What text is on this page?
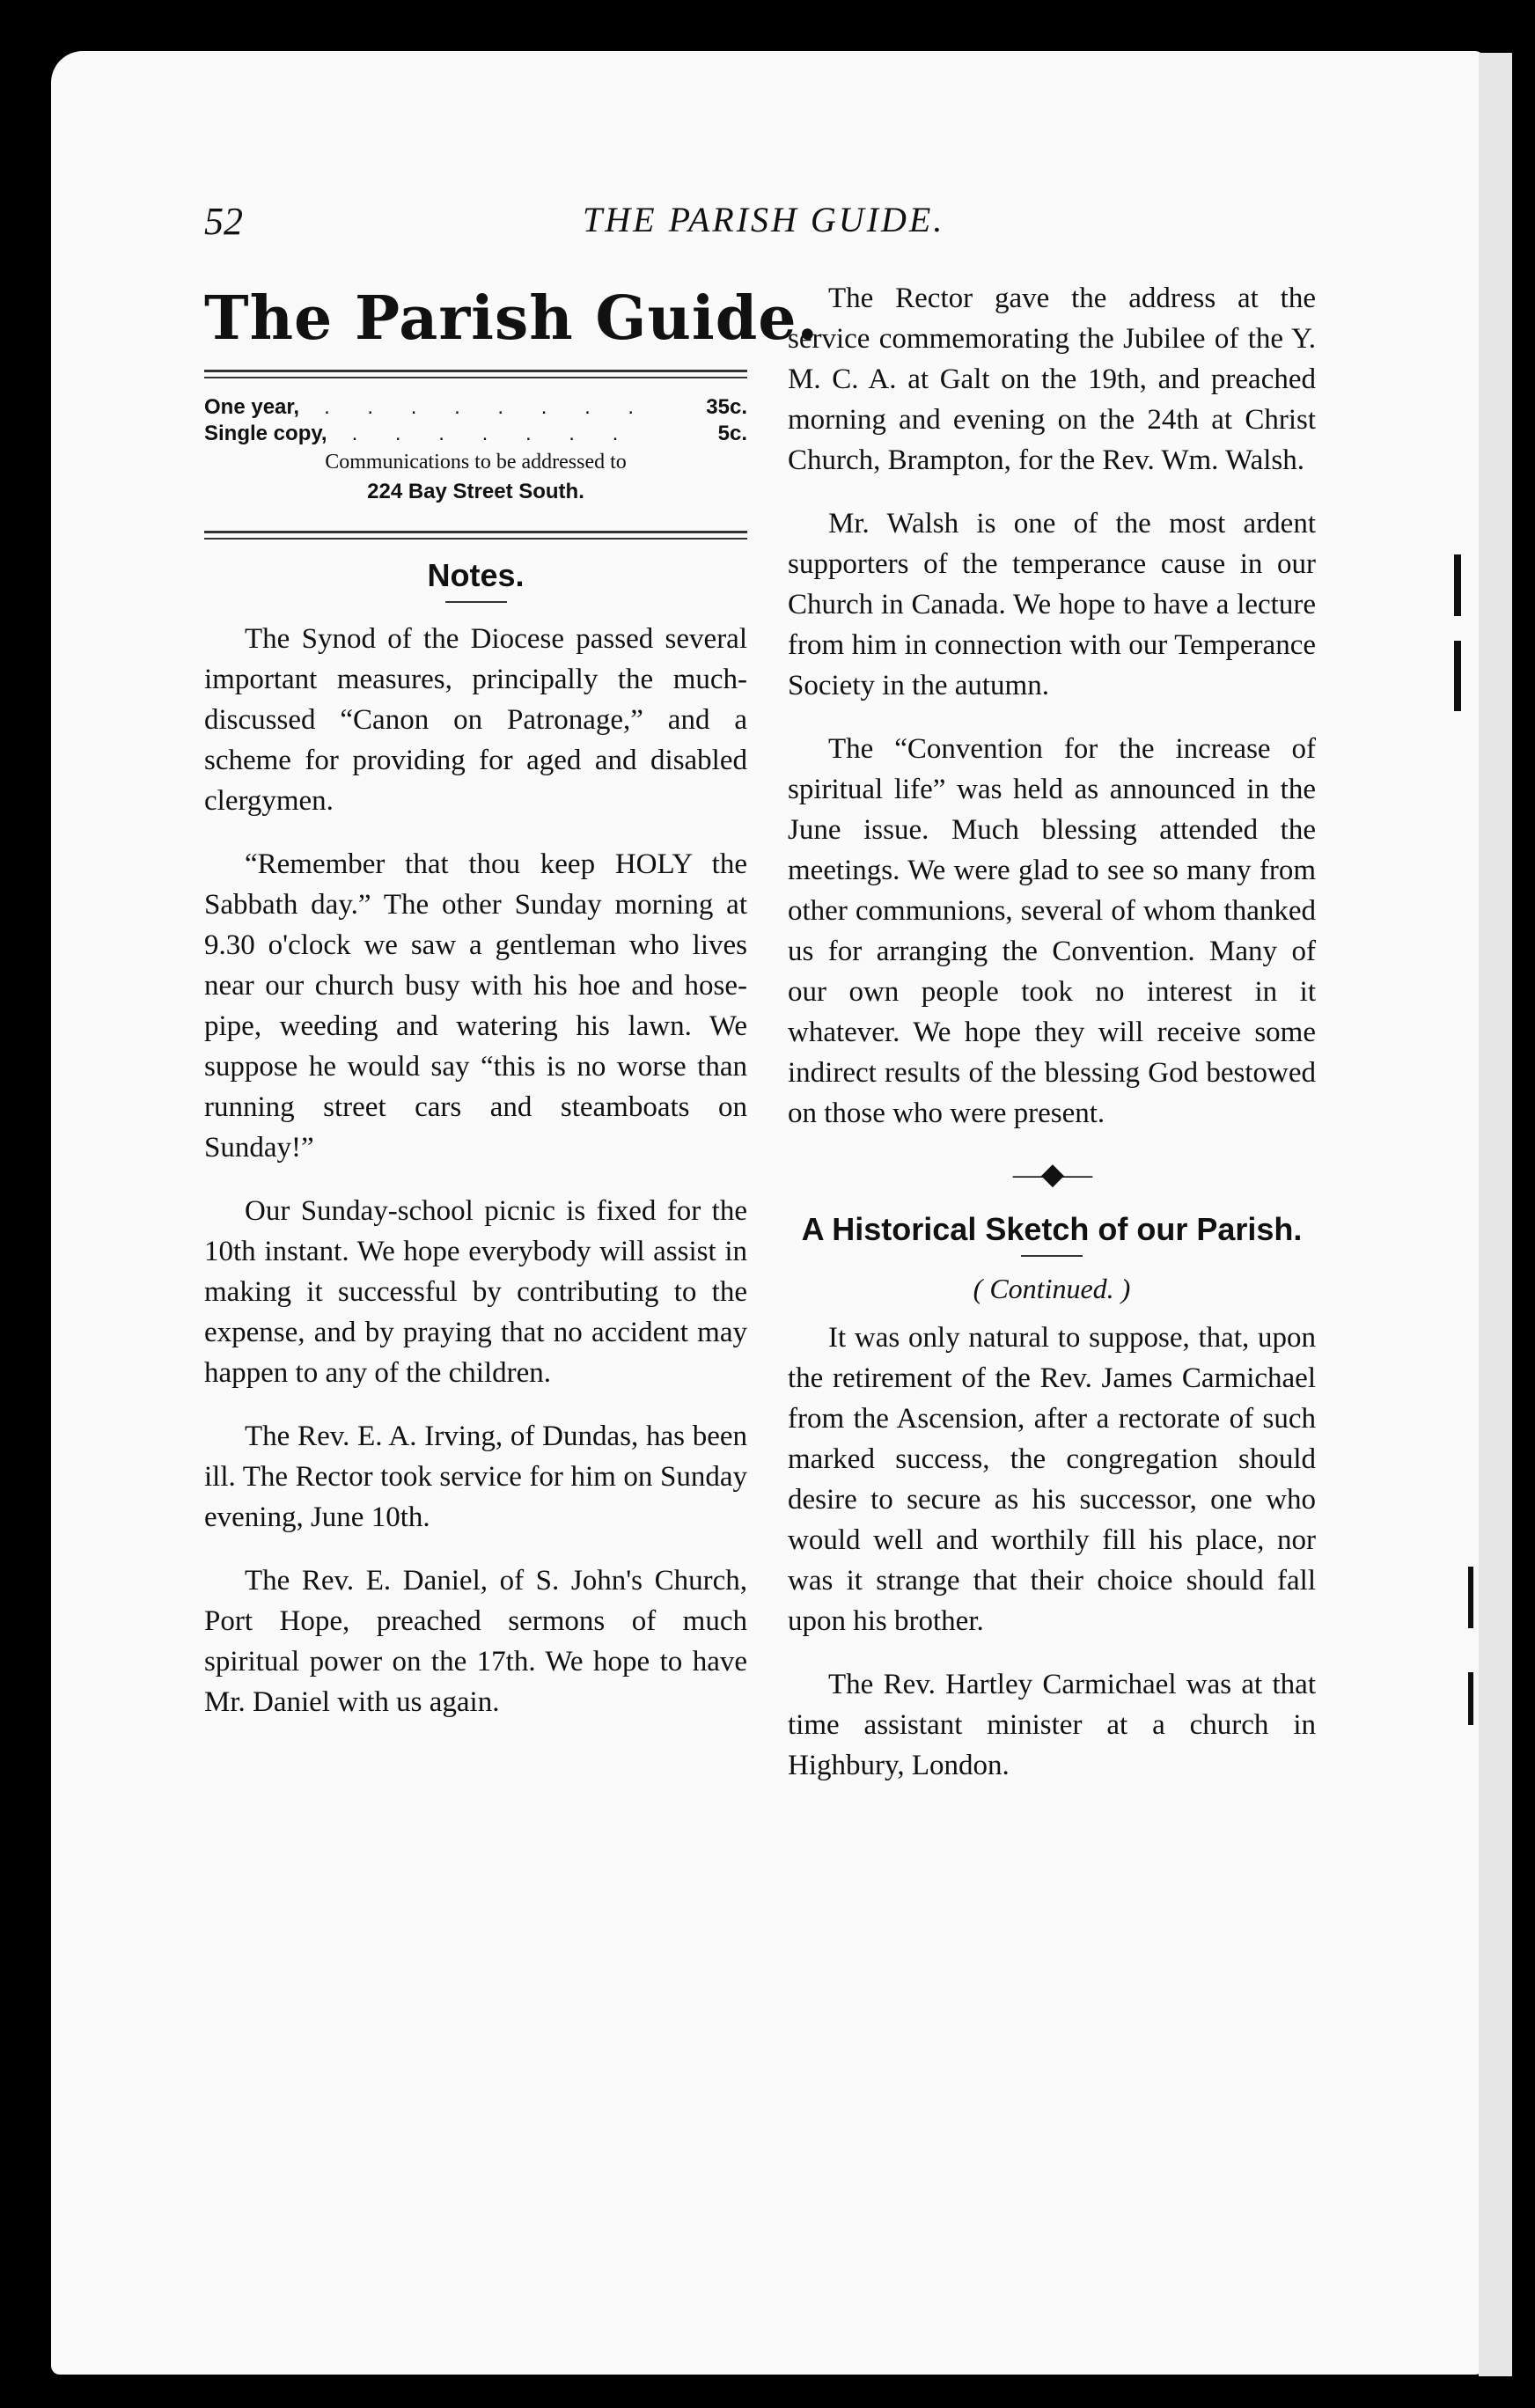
52	THE PARISH GUIDE.
The Parish Guide.
One year,	. . . . . . . .	35c.
Single copy,	. . . . . . .	5c.
Communications to be addressed to
224 Bay Street South.
Notes.

The Synod of the Diocese passed several important measures, principally the much-discussed “Canon on Patronage,” and a scheme for providing for aged and disabled clergymen.

“Remember that thou keep HOLY the Sabbath day.” The other Sunday morning at 9.30 o'clock we saw a gentleman who lives near our church busy with his hoe and hose-pipe, weeding and watering his lawn. We suppose he would say “this is no worse than running street cars and steamboats on Sunday!”

Our Sunday-school picnic is fixed for the 10th instant. We hope everybody will assist in making it successful by contributing to the expense, and by praying that no accident may happen to any of the children.

The Rev. E. A. Irving, of Dundas, has been ill. The Rector took service for him on Sunday evening, June 10th.

The Rev. E. Daniel, of S. John's Church, Port Hope, preached sermons of much spiritual power on the 17th. We hope to have Mr. Daniel with us again.

The Rector gave the address at the service commemorating the Jubilee of the Y. M. C. A. at Galt on the 19th, and preached morning and evening on the 24th at Christ Church, Brampton, for the Rev. Wm. Walsh.

Mr. Walsh is one of the most ardent supporters of the temperance cause in our Church in Canada. We hope to have a lecture from him in connection with our Temperance Society in the autumn.

The “Convention for the increase of spiritual life” was held as announced in the June issue. Much blessing attended the meetings. We were glad to see so many from other communions, several of whom thanked us for arranging the Convention. Many of our own people took no interest in it whatever. We hope they will receive some indirect results of the blessing God bestowed on those who were present.

—◆—
A Historical Sketch of our Parish.
( Continued. )

It was only natural to suppose, that, upon the retirement of the Rev. James Carmichael from the Ascension, after a rectorate of such marked success, the congregation should desire to secure as his successor, one who would well and worthily fill his place, nor was it strange that their choice should fall upon his brother.

The Rev. Hartley Carmichael was at that time assistant minister at a church in Highbury, London.
